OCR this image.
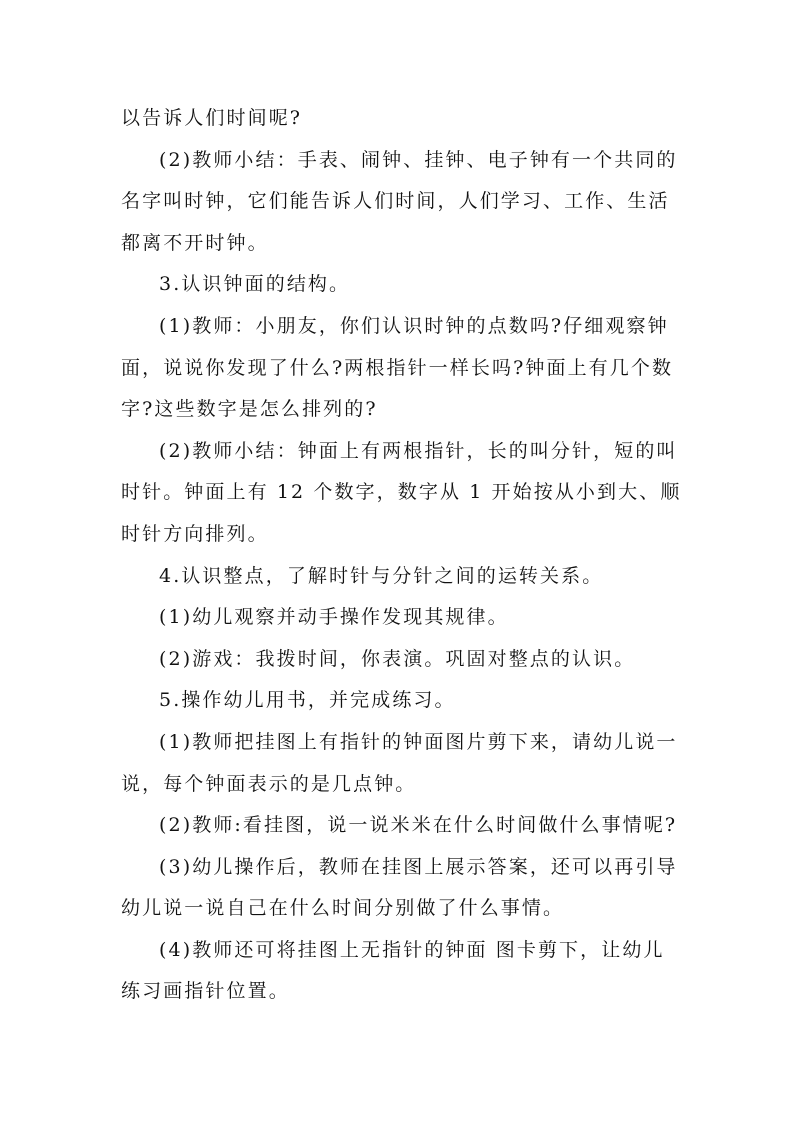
以告诉人们时间呢?
(2)教师小结：手表、闹钟、挂钟、电子钟有一个共同的
名字叫时钟，它们能告诉人们时间，人们学习、工作、生活
都离不开时钟。
3.认识钟面的结构。
(1)教师：小朋友，你们认识时钟的点数吗?仔细观察钟
面，说说你发现了什么?两根指针一样长吗?钟面上有几个数
字?这些数字是怎么排列的?
(2)教师小结：钟面上有两根指针，长的叫分针，短的叫
时针。钟面上有 12 个数字，数字从 1 开始按从小到大、顺
时针方向排列。
4.认识整点，了解时针与分针之间的运转关系。
(1)幼儿观察并动手操作发现其规律。
(2)游戏：我拨时间，你表演。巩固对整点的认识。
5.操作幼儿用书，并完成练习。
(1)教师把挂图上有指针的钟面图片剪下来，请幼儿说一
说，每个钟面表示的是几点钟。
(2)教师:看挂图，说一说米米在什么时间做什么事情呢?
(3)幼儿操作后，教师在挂图上展示答案，还可以再引导
幼儿说一说自己在什么时间分别做了什么事情。
(4)教师还可将挂图上无指针的钟面 图卡剪下，让幼儿
练习画指针位置。
